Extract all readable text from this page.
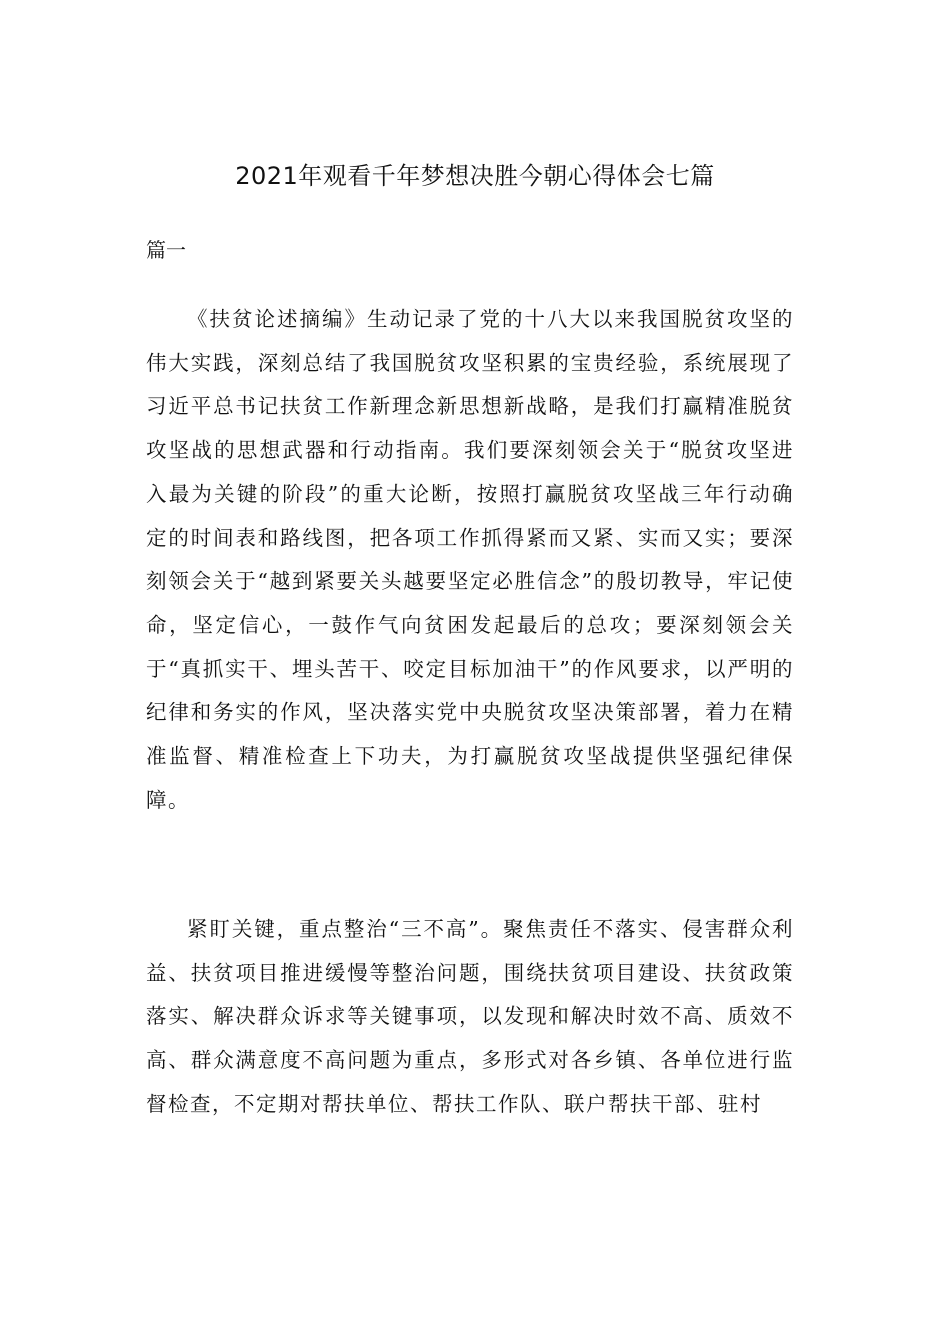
2021年观看千年梦想决胜今朝心得体会七篇

篇一

《扶贫论述摘编》生动记录了党的十八大以来我国脱贫攻坚的伟大实践，深刻总结了我国脱贫攻坚积累的宝贵经验，系统展现了习近平总书记扶贫工作新理念新思想新战略，是我们打赢精准脱贫攻坚战的思想武器和行动指南。我们要深刻领会关于“脱贫攻坚进入最为关键的阶段”的重大论断，按照打赢脱贫攻坚战三年行动确定的时间表和路线图，把各项工作抓得紧而又紧、实而又实；要深刻领会关于“越到紧要关头越要坚定必胜信念”的殷切教导，牢记使命，坚定信心，一鼓作气向贫困发起最后的总攻；要深刻领会关于“真抓实干、埋头苦干、咬定目标加油干”的作风要求，以严明的纪律和务实的作风，坚决落实党中央脱贫攻坚决策部署，着力在精准监督、精准检查上下功夫，为打赢脱贫攻坚战提供坚强纪律保障。

紧盯关键，重点整治“三不高”。聚焦责任不落实、侵害群众利益、扶贫项目推进缓慢等整治问题，围绕扶贫项目建设、扶贫政策落实、解决群众诉求等关键事项，以发现和解决时效不高、质效不高、群众满意度不高问题为重点，多形式对各乡镇、各单位进行监督检查，不定期对帮扶单位、帮扶工作队、联户帮扶干部、驻村
